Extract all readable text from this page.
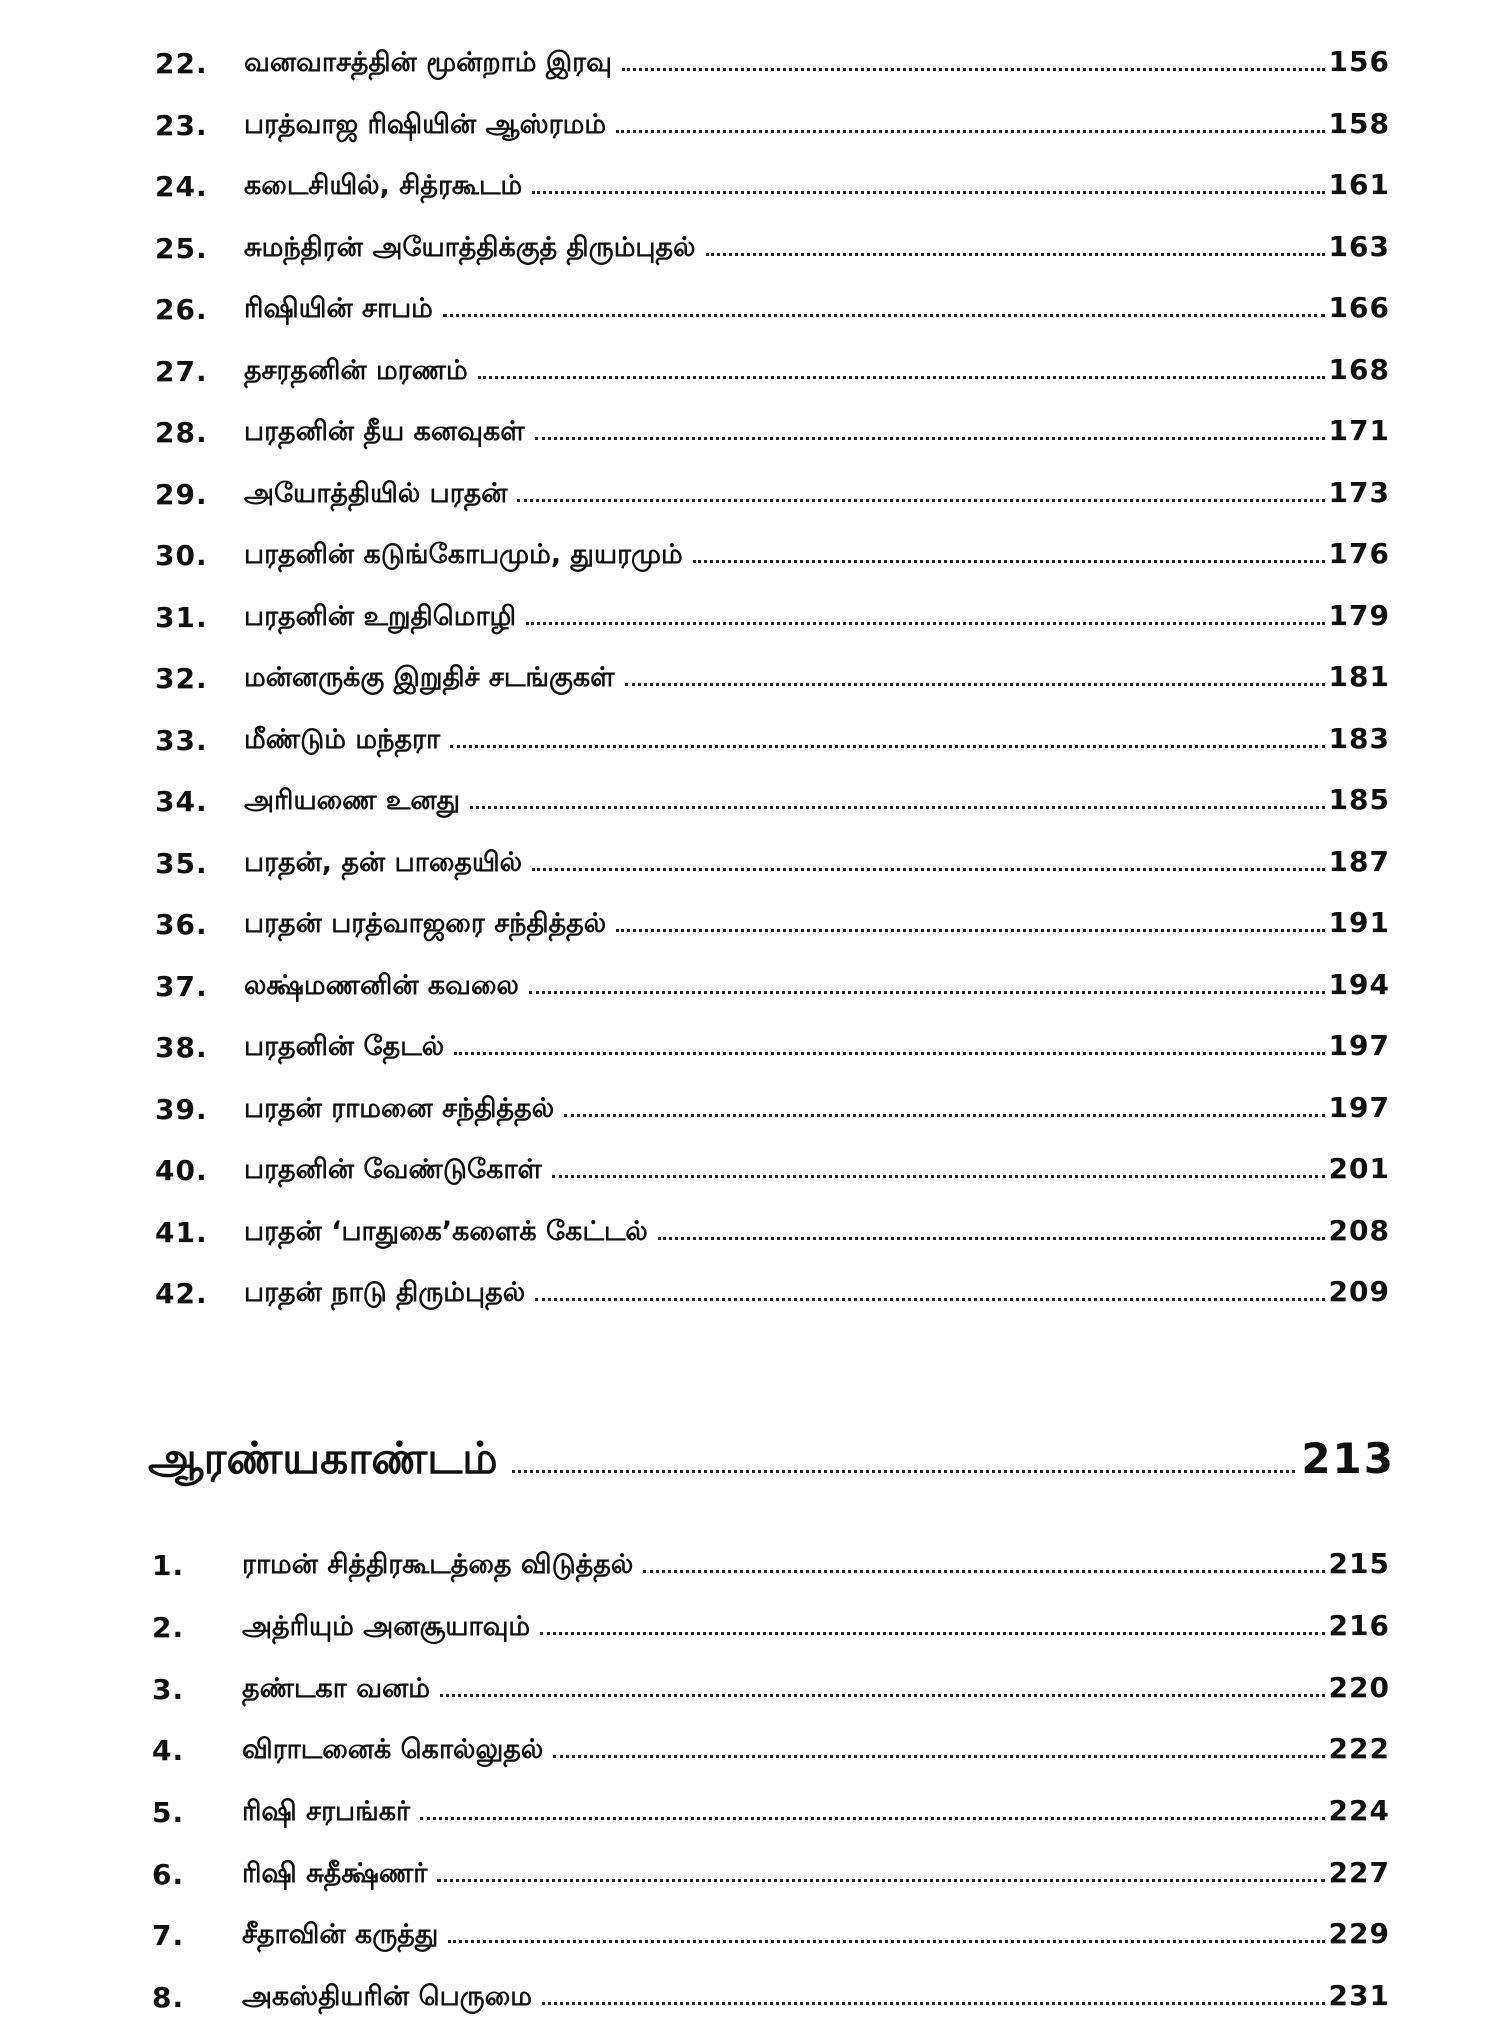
22.	வனவாசத்தின் மூன்றாம் இரவு	156
23.	பரத்வாஜ ரிஷியின் ஆஸ்ரமம்	158
24.	கடைசியில், சித்ரகூடம்	161
25.	சுமந்திரன் அயோத்திக்குத் திரும்புதல்	163
26.	ரிஷியின் சாபம்	166
27.	தசரதனின் மரணம்	168
28.	பரதனின் தீய கனவுகள்	171
29.	அயோத்தியில் பரதன்	173
30.	பரதனின் கடுங்கோபமும், துயரமும்	176
31.	பரதனின் உறுதிமொழி	179
32.	மன்னருக்கு இறுதிச் சடங்குகள்	181
33.	மீண்டும் மந்தரா	183
34.	அரியணை உனது	185
35.	பரதன், தன் பாதையில்	187
36.	பரதன் பரத்வாஜரை சந்தித்தல்	191
37.	லக்ஷ்மணனின் கவலை	194
38.	பரதனின் தேடல்	197
39.	பரதன் ராமனை சந்தித்தல்	197
40.	பரதனின் வேண்டுகோள்	201
41.	பரதன் ‘பாதுகை’களைக் கேட்டல்	208
42.	பரதன் நாடு திரும்புதல்	209
ஆரண்யகாண்டம்	213
1.	ராமன் சித்திரகூடத்தை விடுத்தல்	215
2.	அத்ரியும் அனசூயாவும்	216
3.	தண்டகா வனம்	220
4.	விராடனைக் கொல்லுதல்	222
5.	ரிஷி சரபங்கர்	224
6.	ரிஷி சுதீக்ஷ்ணர்	227
7.	சீதாவின் கருத்து	229
8.	அகஸ்தியரின் பெருமை	231
